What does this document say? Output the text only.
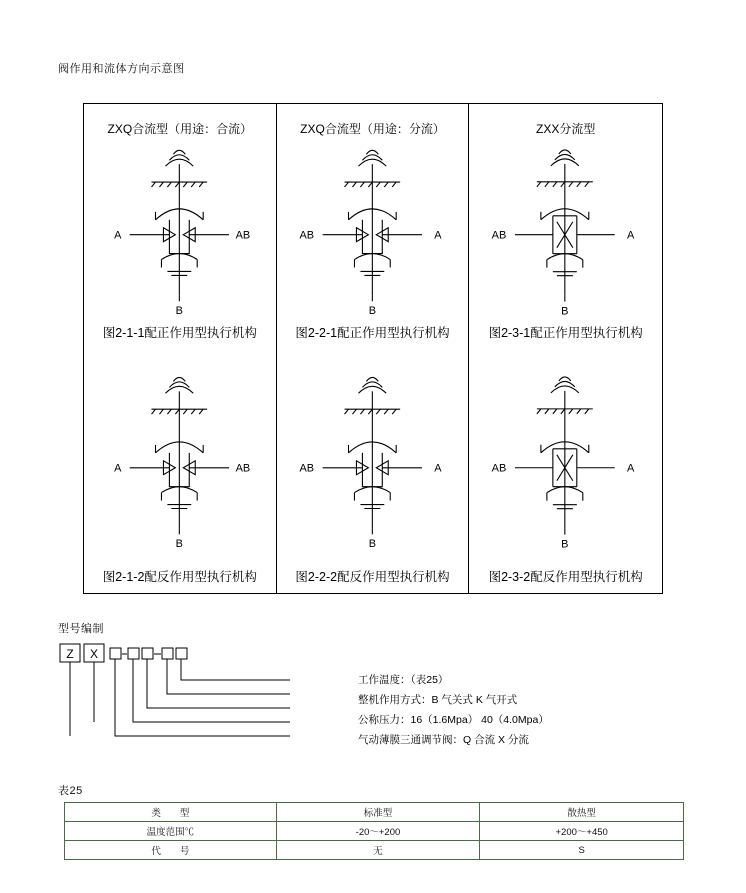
阀作用和流体方向示意图
ZXQ合流型（用途：合流）
A	AB
B
图2-1-1配正作用型执行机构
ZXQ合流型（用途：分流）
AB	A
B
图2-2-1配正作用型执行机构
ZXX分流型
AB	A
B
图2-3-1配正作用型执行机构
A	AB
B
图2-1-2配反作用型执行机构
AB	A
B
图2-2-2配反作用型执行机构
AB	A
B
图2-3-2配反作用型执行机构
型号编制
Z X
工作温度：（表25）
整机作用方式：B 气关式 K 气开式
公称压力：16（1.6Mpa） 40（4.0Mpa）
气动薄膜三通调节阀：Q 合流 X 分流
表25
类　　型	标准型	散热型
温度范围℃	-20～+200	+200～+450
代　　号	无	S
